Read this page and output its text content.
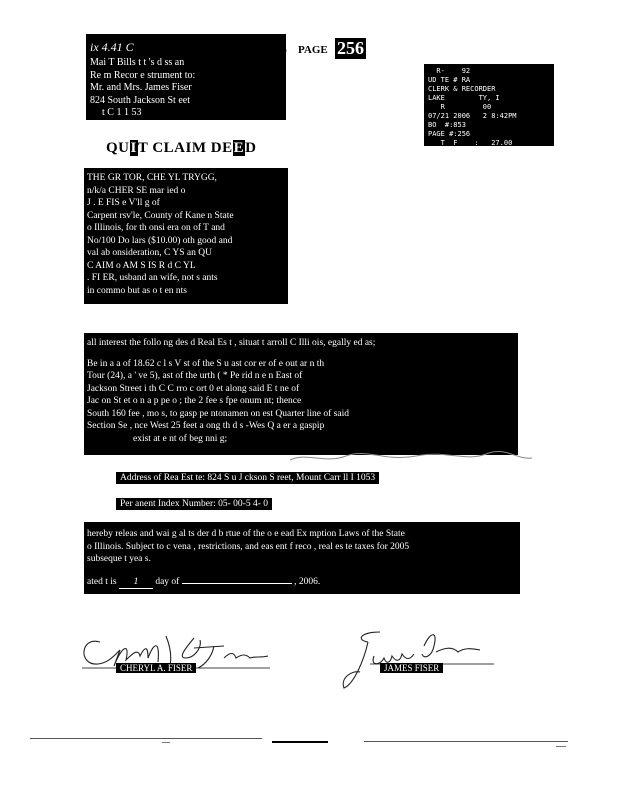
ix 4.41 C
Mai T Bills t t 's d ss an
Re m Recor e strument to:
Mr. and Mrs. James Fiser
824 South Jackson St eet
t C 1 1 53
OOK 853 PAGE 256
R-    92
UD TE # RA
CLERK & RECORDER
LAKE        TY, I
R         00
07/21 2006   2 8:42PM
BO  #:853
PAGE #:256
T  F    :   27.00
PU     :      $.
QUIT CLAIM DEED
THE GR TOR, CHE YL TRYGG,
n/k/a CHER SE mar ied o
J . E FIS e V'll g of
Carpent rsv'le, County of Kane n State
o Illinois, for th onsi era on of T and
No/100 Do lars ($10.00) oth good and
val ab onsideration, C YS an QU
C AIM o AM S IS R d C YL
. FI ER, usband an wife, not s ants
in commo but as o t en nts
all interest the follo ng des d Real Es t , situat t arroll C Illi ois, egally ed as;
Be in a a of 18.62 c l s V st of the S u ast cor er of e out ar n th
Tour (24), a ' ve 5), ast of the urth ( * Pe rid n e n East of
Jackson Street i th C C rro c ort 0 et along said E t ne of
Jac on St et o n a p pe o ; the 2 fee s fpe onum nt; thence
South 160 fee , mo s, to gasp pe ntonamen on est Quarter line of said
Section Se , nce West 25 feet a ong th d s -Wes Q a er a gaspip
exist at e nt of beg nni g;
Address of Rea Est te: 824 S u J ckson S reet, Mount Carr ll I 1053
Per anent Index Number: 05- 00-5 4- 0
hereby releas and wai g al ts der d b rtue of the o e ead Ex mption Laws of the State
o Illinois. Subject to c vena , restrictions, and eas ent f reco , real es te taxes for 2005
subseque t yea s.
ated t is 1 day of	, 2006.
CHERYL A. FISER	JAMES FISER
